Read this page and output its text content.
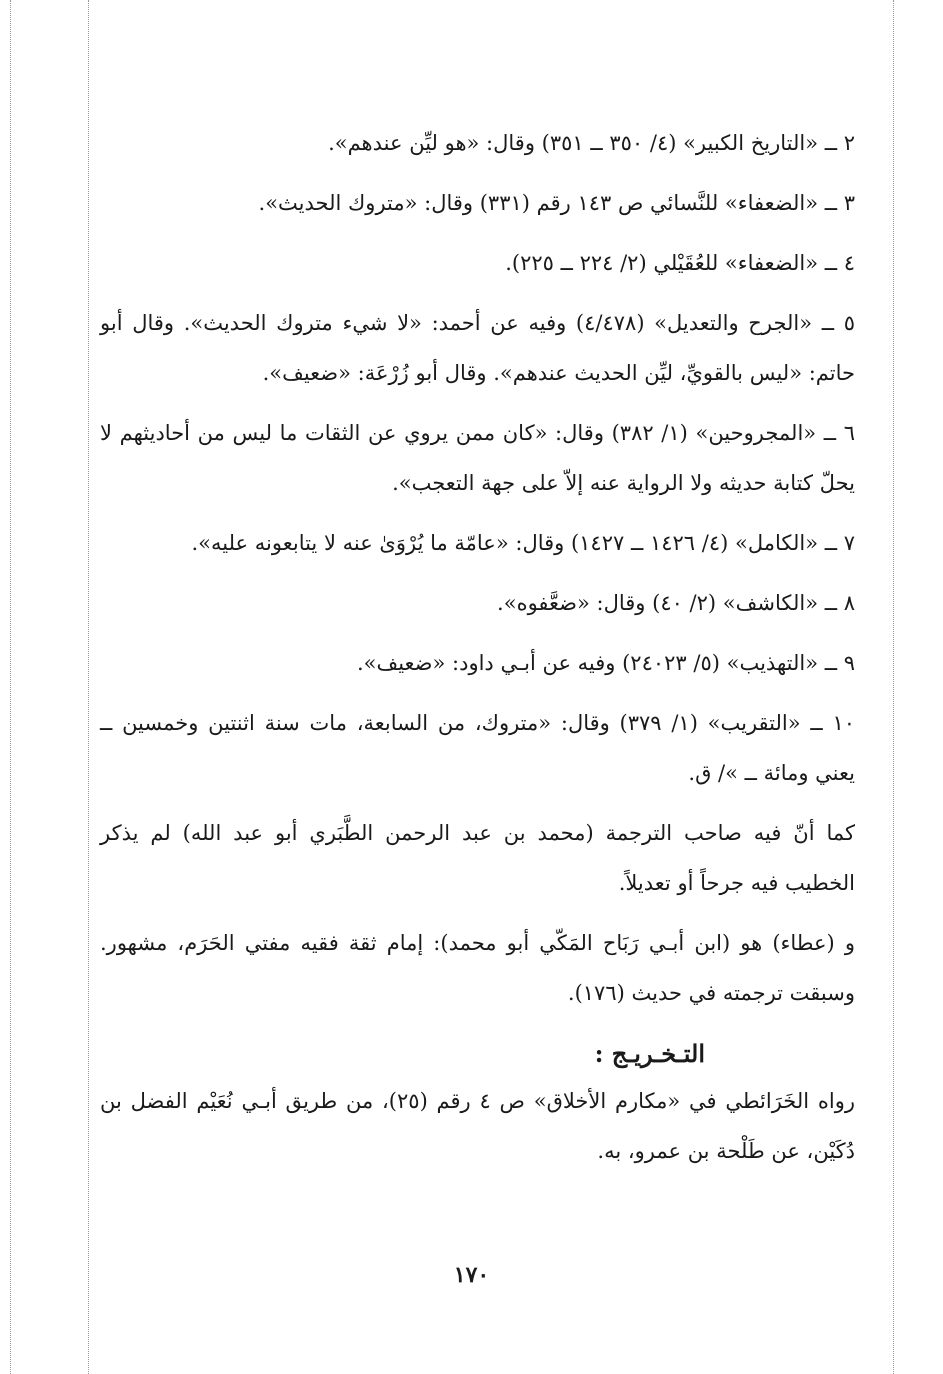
٢ ــ «التاريخ الكبير» (٤/ ٣٥٠ ــ ٣٥١) وقال: «هو ليِّن عندهم».

٣ ــ «الضعفاء» للنَّسائي ص ١٤٣ رقم (٣٣١) وقال: «متروك الحديث».

٤ ــ «الضعفاء» للعُقَيْلي (٢/ ٢٢٤ ــ ٢٢٥).

٥ ــ «الجرح والتعديل» (٤/٤٧٨) وفيه عن أحمد: «لا شيء متروك الحديث». وقال أبو حاتم: «ليس بالقويِّ، ليِّن الحديث عندهم». وقال أبو زُرْعَة: «ضعيف».

٦ ــ «المجروحين» (١/ ٣٨٢) وقال: «كان ممن يروي عن الثقات ما ليس من أحاديثهم لا يحلّ كتابة حديثه ولا الرواية عنه إلاّ على جهة التعجب».

٧ ــ «الكامل» (٤/ ١٤٢٦ ــ ١٤٢٧) وقال: «عامّة ما يُرْوَىٰ عنه لا يتابعونه عليه».

٨ ــ «الكاشف» (٢/ ٤٠) وقال: «ضعَّفوه».

٩ ــ «التهذيب» (٥/ ٢٤٠٢٣) وفيه عن أبـي داود: «ضعيف».

١٠ ــ «التقريب» (١/ ٣٧٩) وقال: «متروك، من السابعة، مات سنة اثنتين وخمسين ــ يعني ومائة ــ »/ ق.

كما أنّ فيه صاحب الترجمة (محمد بن عبد الرحمن الطَّبَري أبو عبد الله) لم يذكر الخطيب فيه جرحاً أو تعديلاً.

و (عطاء) هو (ابن أبـي رَبَاح المَكّي أبو محمد): إمام ثقة فقيه مفتي الحَرَم، مشهور. وسبقت ترجمته في حديث (١٧٦).

التـخـريـج :

رواه الخَرَائطي في «مكارم الأخلاق» ص ٤ رقم (٢٥)، من طريق أبـي نُعَيْم الفضل بن دُكَيْن، عن طَلْحة بن عمرو، به.

١٧٠
